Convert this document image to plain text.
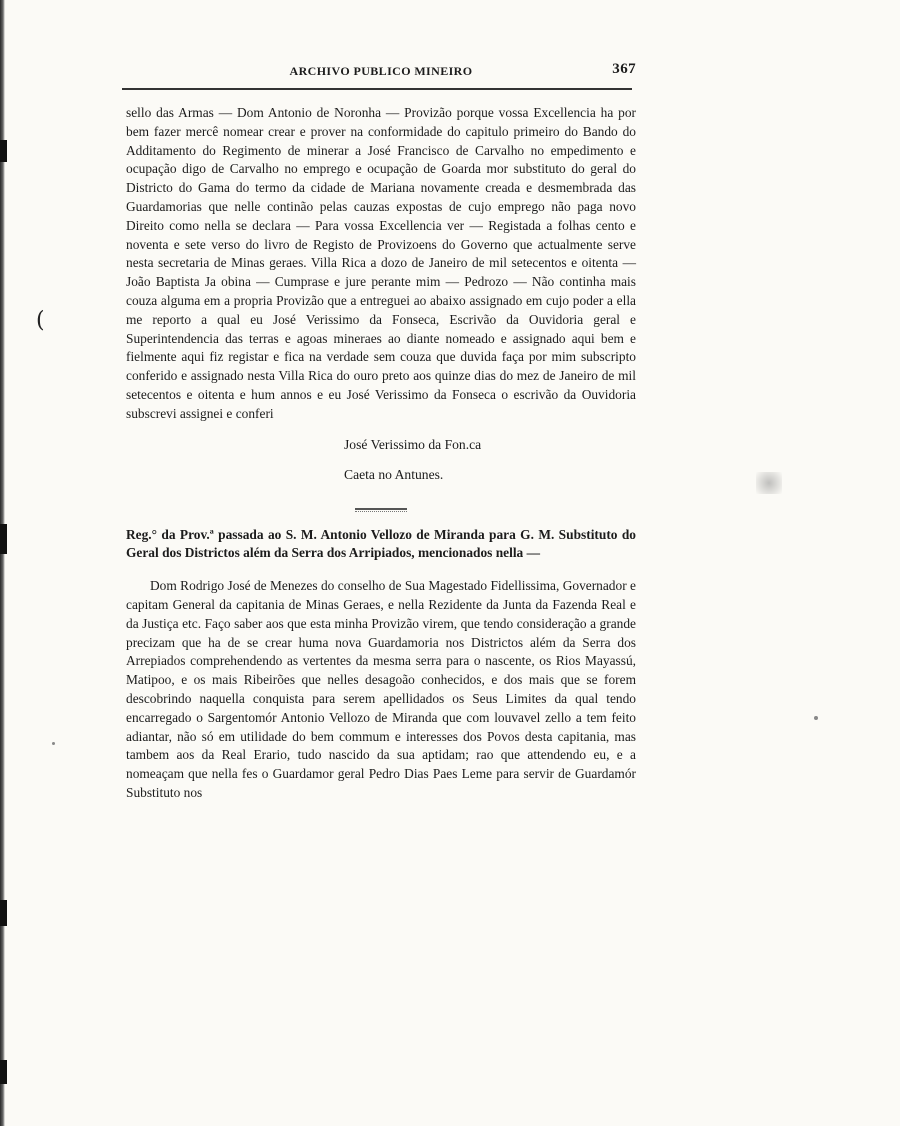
(
ARCHIVO PUBLICO MINEIRO	367

sello das Armas — Dom Antonio de Noronha — Provizão porque vossa Excellencia ha por bem fazer mercê nomear crear e prover na conformidade do capitulo primeiro do Bando do Additamento do Regimento de minerar a José Francisco de Carvalho no empedimento e ocupação digo de Carvalho no emprego e ocupação de Goarda mor substituto do geral do Districto do Gama do termo da cidade de Mariana novamente creada e desmembrada das Guardamorias que nelle continão pelas cauzas expostas de cujo emprego não paga novo Direito como nella se declara — Para vossa Excellencia ver — Registada a folhas cento e noventa e sete verso do livro de Registo de Provizoens do Governo que actualmente serve nesta secretaria de Minas geraes. Villa Rica a dozo de Janeiro de mil setecentos e oitenta — João Baptista Ja obina — Cumprase e jure perante mim — Pedrozo — Não continha mais couza alguma em a propria Provizão que a entreguei ao abaixo assignado em cujo poder a ella me reporto a qual eu José Verissimo da Fonseca, Escrivão da Ouvidoria geral e Superintendencia das terras e agoas mineraes ao diante nomeado e assignado aqui bem e fielmente aqui fiz registar e fica na verdade sem couza que duvida faça por mim subscripto conferido e assignado nesta Villa Rica do ouro preto aos quinze dias do mez de Janeiro de mil setecentos e oitenta e hum annos e eu José Verissimo da Fonseca o escrivão da Ouvidoria subscrevi assignei e conferi

José Verissimo da Fon.ca
Caeta no Antunes.

Reg.° da Prov.ª passada ao S. M. Antonio Vellozo de Miranda para G. M. Substituto do Geral dos Districtos além da Serra dos Arripiados, mencionados nella —

Dom Rodrigo José de Menezes do conselho de Sua Magestado Fidellissima, Governador e capitam General da capitania de Minas Geraes, e nella Rezidente da Junta da Fazenda Real e da Justiça etc. Faço saber aos que esta minha Provizão virem, que tendo consideração a grande precizam que ha de se crear huma nova Guardamoria nos Districtos além da Serra dos Arrepiados comprehendendo as vertentes da mesma serra para o nascente, os Rios Mayassú, Matipoo, e os mais Ribeirões que nelles desagoão conhecidos, e dos mais que se forem descobrindo naquella conquista para serem apellidados os Seus Limites da qual tendo encarregado o Sargentomór Antonio Vellozo de Miranda que com louvavel zello a tem feito adiantar, não só em utilidade do bem commum e interesses dos Povos desta capitania, mas tambem aos da Real Erario, tudo nascido da sua aptidam; rao que attendendo eu, e a nomeaçam que nella fes o Guardamor geral Pedro Dias Paes Leme para servir de Guardamór Substituto nos
